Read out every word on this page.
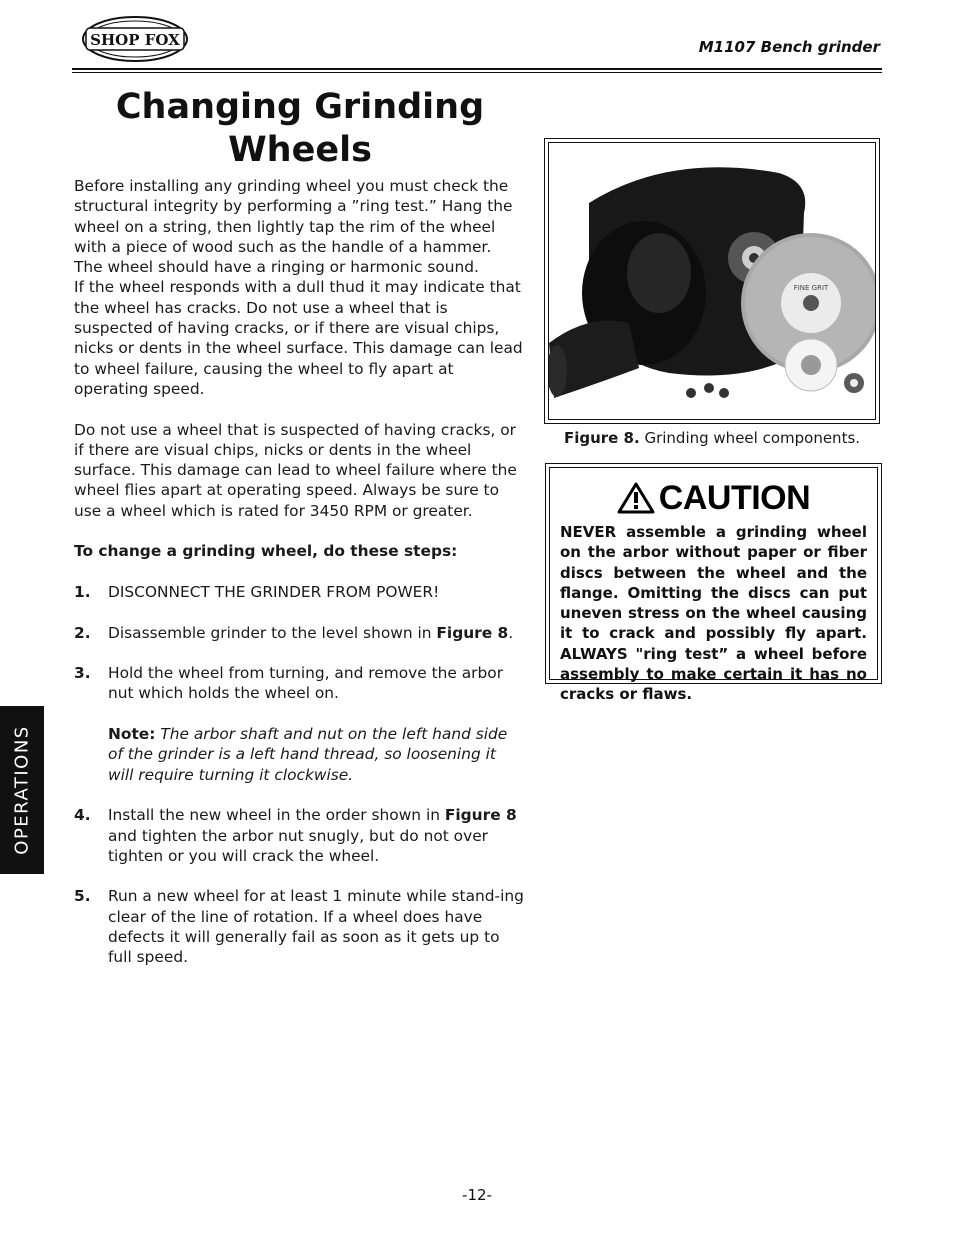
SHOP FOX	M1107 Bench grinder
Changing Grinding Wheels

Before installing any grinding wheel you must check the structural integrity by performing a ”ring test.” Hang the wheel on a string, then lightly tap the rim of the wheel with a piece of wood such as the handle of a hammer. The wheel should have a ringing or harmonic sound.

If the wheel responds with a dull thud it may indicate that the wheel has cracks. Do not use a wheel that is suspected of having cracks, or if there are visual chips, nicks or dents in the wheel surface. This damage can lead to wheel failure, causing the wheel to fly apart at operating speed.

Do not use a wheel that is suspected of having cracks, or if there are visual chips, nicks or dents in the wheel surface. This damage can lead to wheel failure where the wheel flies apart at operating speed. Always be sure to use a wheel which is rated for 3450 RPM or greater.

To change a grinding wheel, do these steps:

1.	DISCONNECT THE GRINDER FROM POWER!
2.	Disassemble grinder to the level shown in Figure 8.
3.	Hold the wheel from turning, and remove the arbor nut which holds the wheel on.

Note: The arbor shaft and nut on the left hand side of the grinder is a left hand thread, so loosening it will require turning it clockwise.

4.	Install the new wheel in the order shown in Figure 8 and tighten the arbor nut snugly, but do not over tighten or you will crack the wheel.
5.	Run a new wheel for at least 1 minute while stand-ing clear of the line of rotation. If a wheel does have defects it will generally fail as soon as it gets up to full speed.
FINE GRIT
Figure 8. Grinding wheel components.
CAUTION
NEVER assemble a grinding wheel on the arbor without paper or fiber discs between the wheel and the flange. Omitting the discs can put uneven stress on the wheel causing it to crack and possibly fly apart. ALWAYS "ring test” a wheel before assembly to make certain it has no cracks or flaws.
OPERATIONS
-12-
